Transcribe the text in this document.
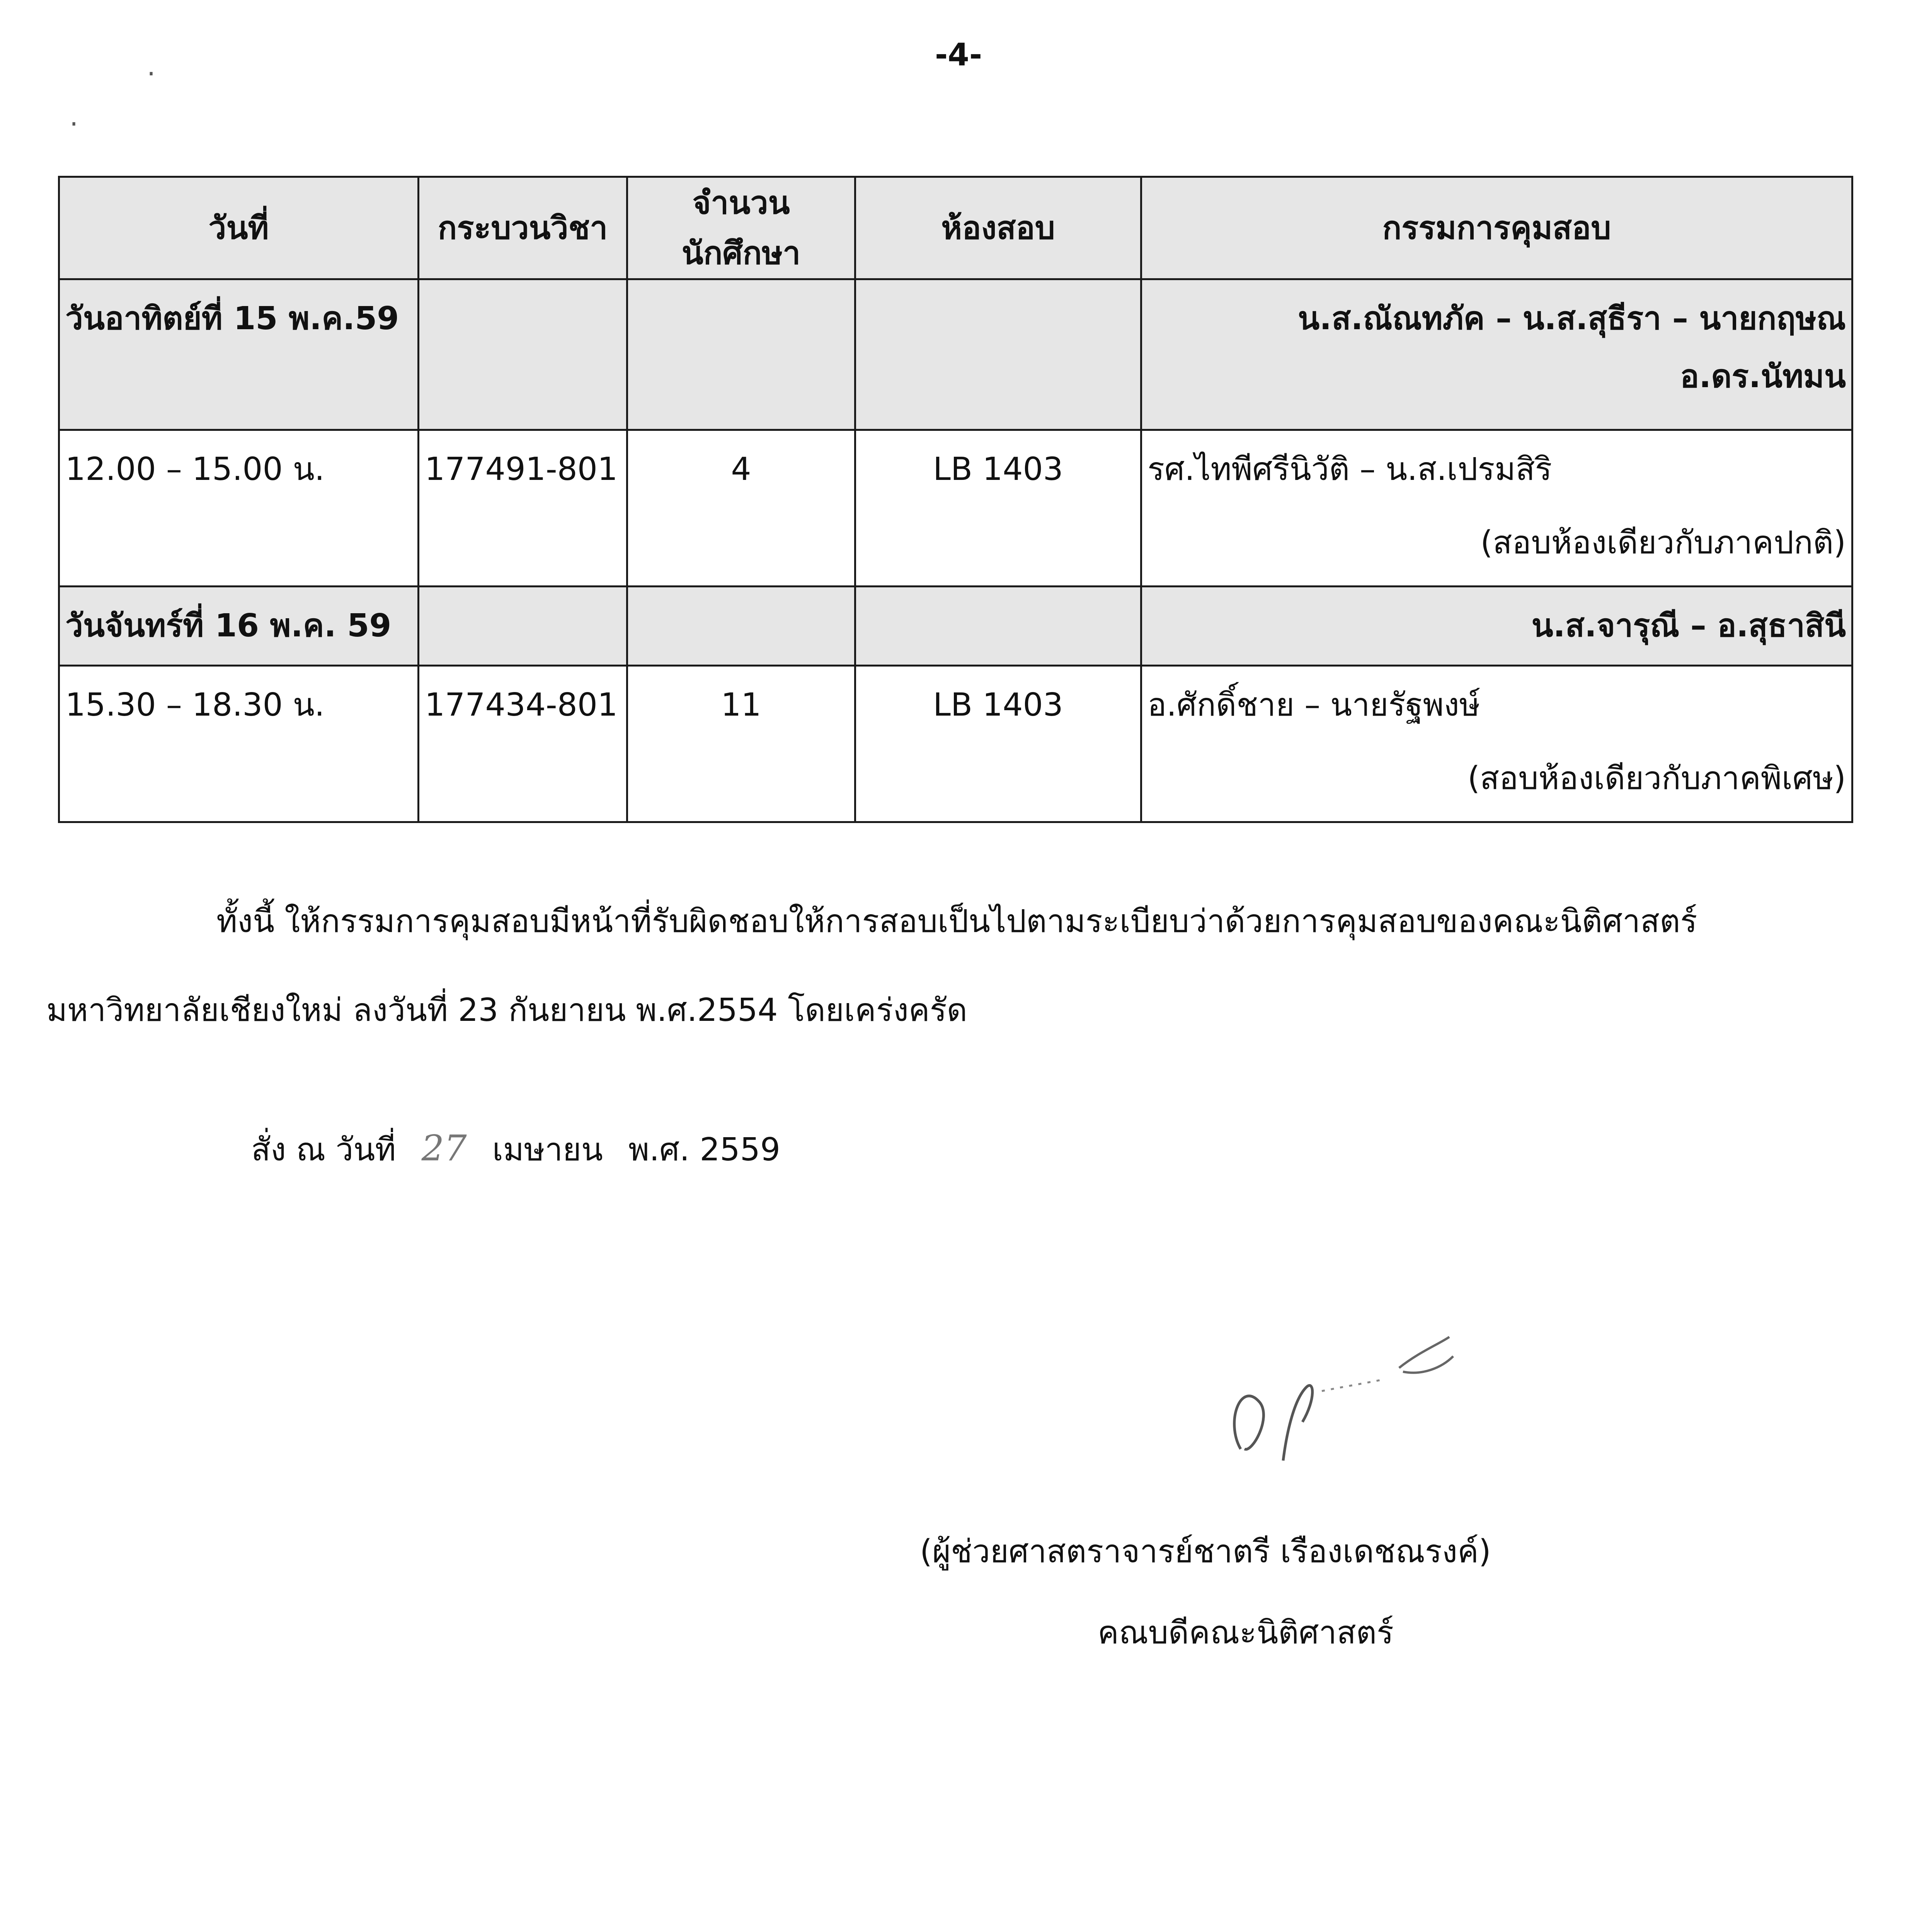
-4-
·
·
วันที่	กระบวนวิชา	จำนวนนักศึกษา	ห้องสอบ	กรรมการคุมสอบ

วันอาทิตย์ที่ 15 พ.ค.59				น.ส.ณัณทภัค – น.ส.สุธีรา – นายกฤษณ
อ.ดร.นัทมน

12.00 – 15.00 น.	177491-801	4	LB 1403	รศ.ไทพีศรีนิวัติ – น.ส.เปรมสิริ
(สอบห้องเดียวกับภาคปกติ)

วันจันทร์ที่ 16 พ.ค. 59				น.ส.จารุณี – อ.สุธาสินี

15.30 – 18.30 น.	177434-801	11	LB 1403	อ.ศักดิ์ชาย – นายรัฐพงษ์
(สอบห้องเดียวกับภาคพิเศษ)
ทั้งนี้ ให้กรรมการคุมสอบมีหน้าที่รับผิดชอบให้การสอบเป็นไปตามระเบียบว่าด้วยการคุมสอบของคณะนิติศาสตร์
มหาวิทยาลัยเชียงใหม่ ลงวันที่ 23 กันยายน พ.ศ.2554 โดยเคร่งครัด
สั่ง ณ วันที่ 27 เมษายน พ.ศ. 2559
(ผู้ช่วยศาสตราจารย์ชาตรี เรืองเดชณรงค์)
คณบดีคณะนิติศาสตร์
